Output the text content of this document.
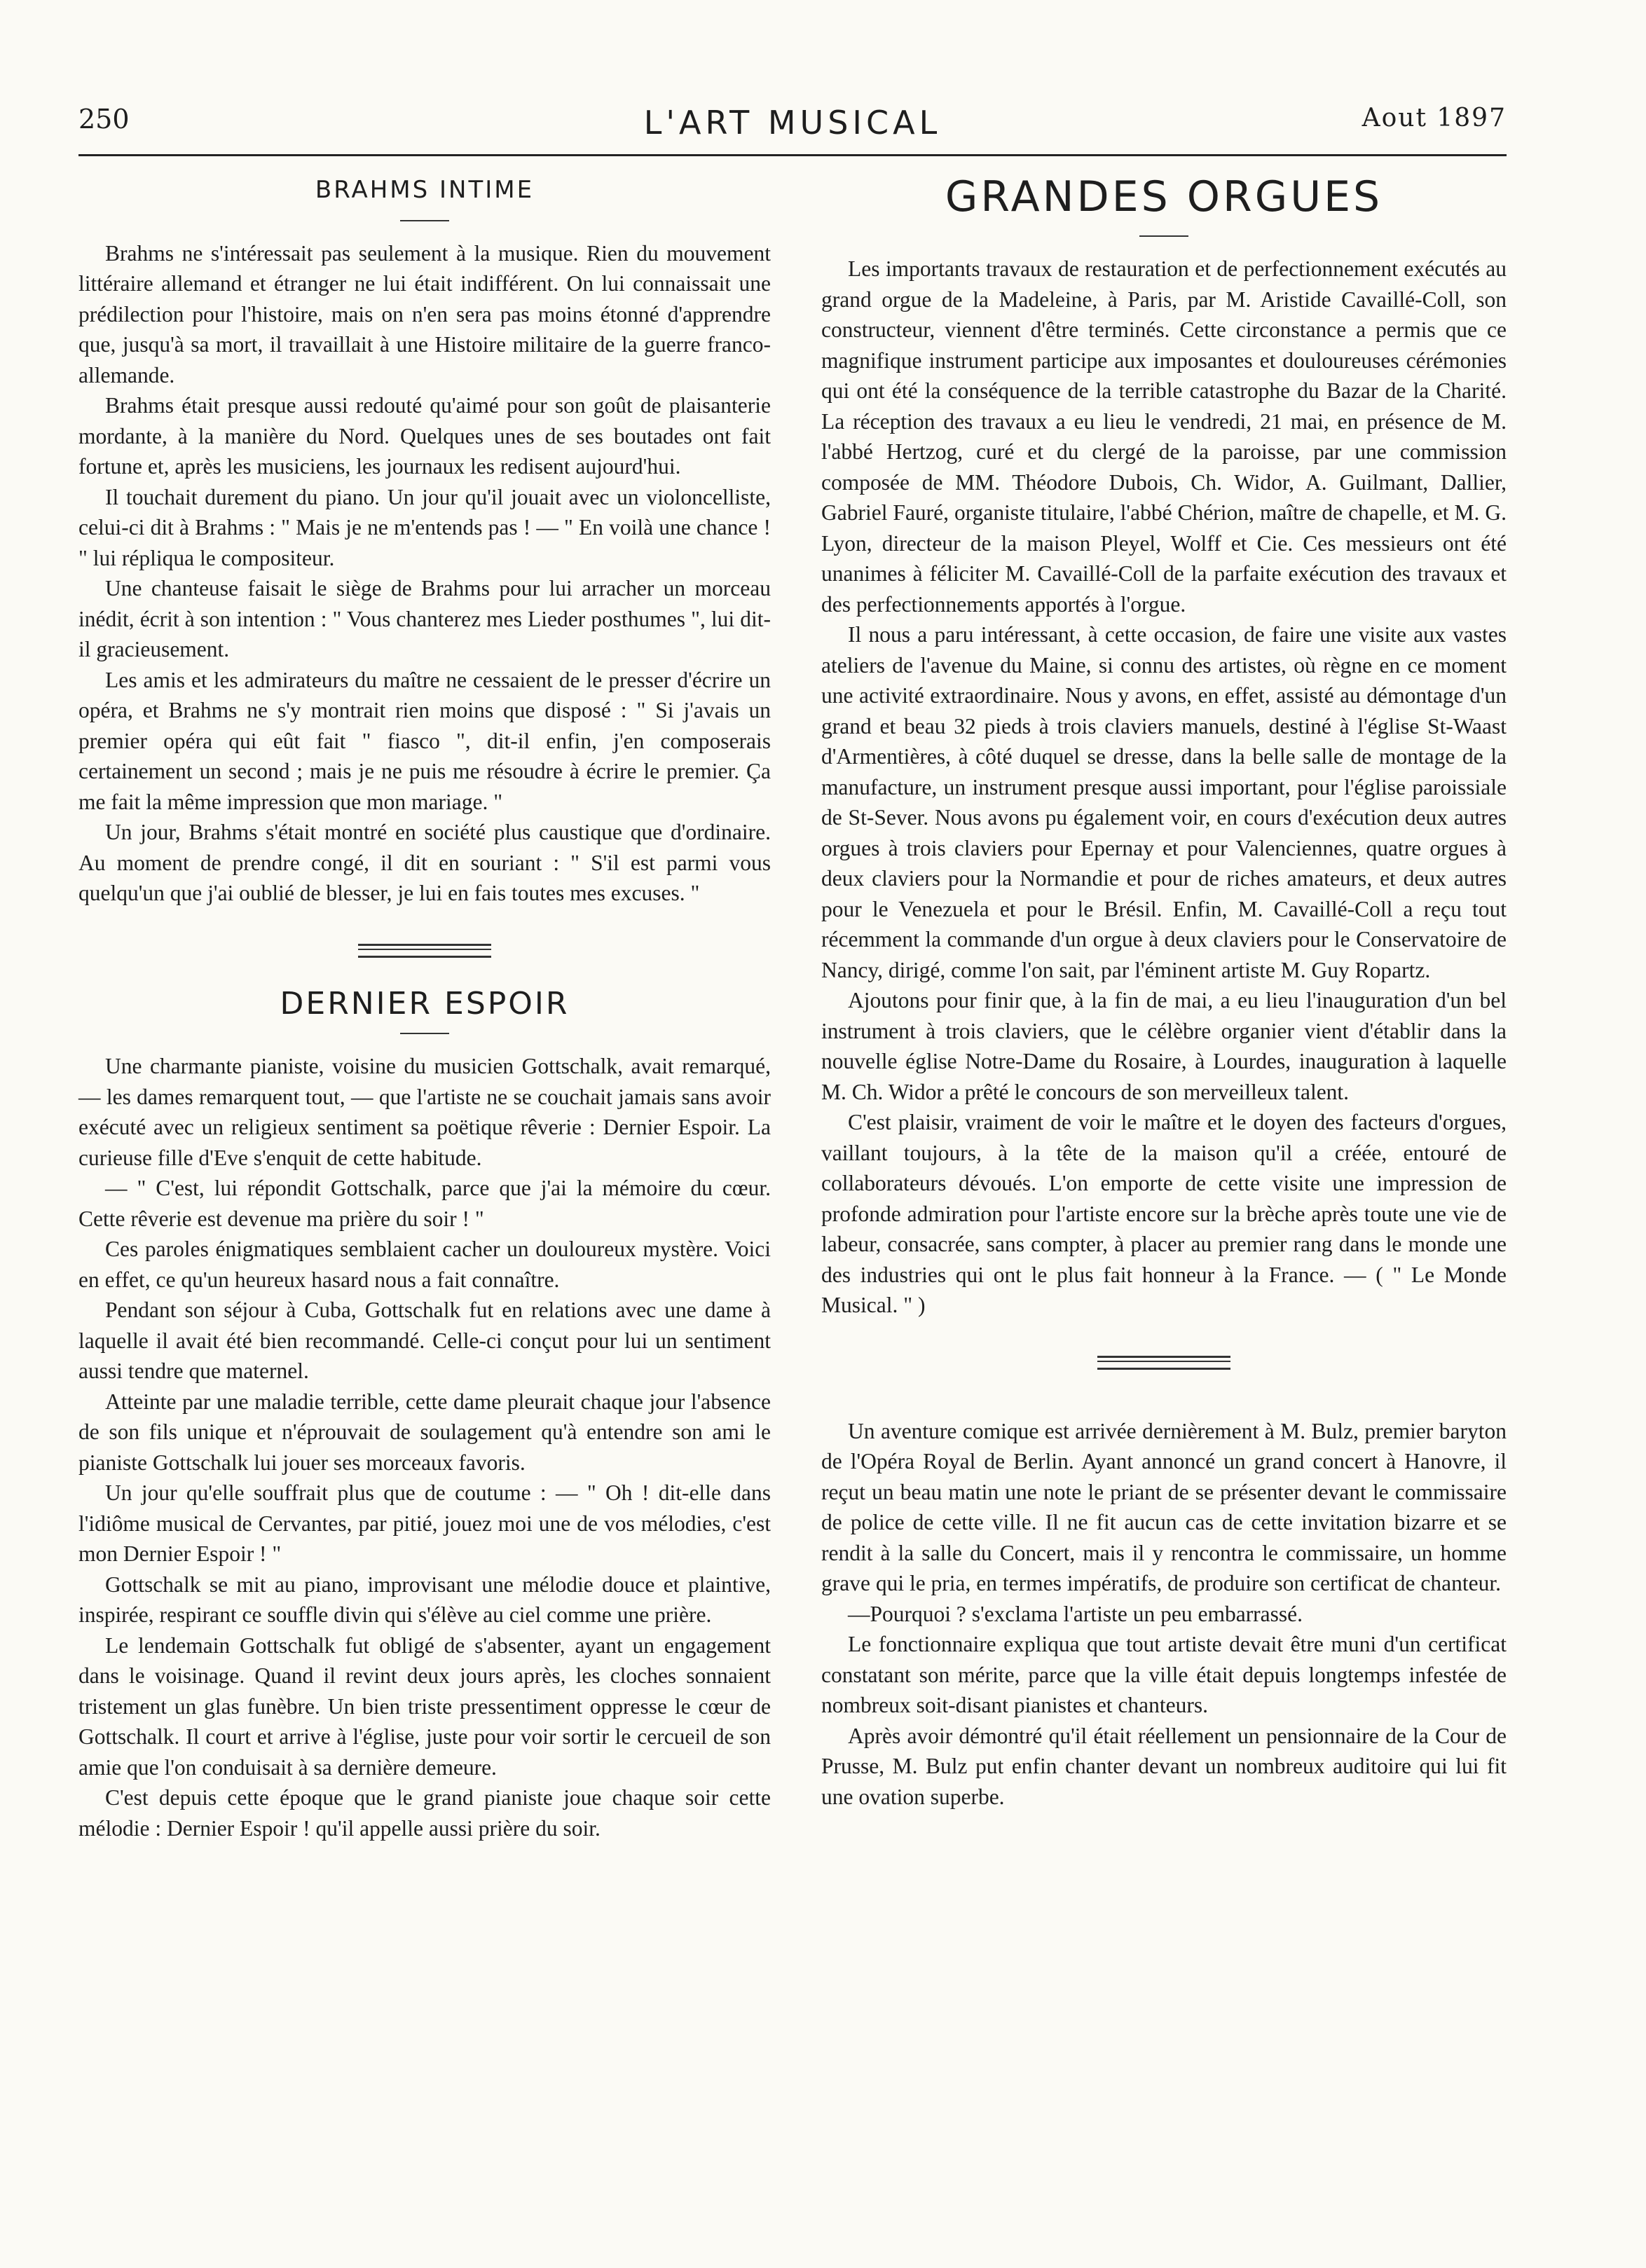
250	L'ART MUSICAL	Aout 1897
BRAHMS INTIME

Brahms ne s'intéressait pas seulement à la musique. Rien du mouvement littéraire allemand et étranger ne lui était indifférent. On lui connaissait une prédilection pour l'histoire, mais on n'en sera pas moins étonné d'apprendre que, jusqu'à sa mort, il travaillait à une Histoire militaire de la guerre franco-allemande.

Brahms était presque aussi redouté qu'aimé pour son goût de plaisanterie mordante, à la manière du Nord. Quelques unes de ses boutades ont fait fortune et, après les musiciens, les journaux les redisent aujourd'hui.

Il touchait durement du piano. Un jour qu'il jouait avec un violoncelliste, celui-ci dit à Brahms : " Mais je ne m'entends pas ! — " En voilà une chance ! " lui répliqua le compositeur.

Une chanteuse faisait le siège de Brahms pour lui arracher un morceau inédit, écrit à son intention : " Vous chanterez mes Lieder posthumes ", lui dit-il gracieusement.

Les amis et les admirateurs du maître ne cessaient de le presser d'écrire un opéra, et Brahms ne s'y montrait rien moins que disposé : " Si j'avais un premier opéra qui eût fait " fiasco ", dit-il enfin, j'en composerais certainement un second ; mais je ne puis me résoudre à écrire le premier. Ça me fait la même impression que mon mariage. "

Un jour, Brahms s'était montré en société plus caustique que d'ordinaire. Au moment de prendre congé, il dit en souriant : " S'il est parmi vous quelqu'un que j'ai oublié de blesser, je lui en fais toutes mes excuses. "

DERNIER ESPOIR

Une charmante pianiste, voisine du musicien Gottschalk, avait remarqué, — les dames remarquent tout, — que l'artiste ne se couchait jamais sans avoir exécuté avec un religieux sentiment sa poëtique rêverie : Dernier Espoir. La curieuse fille d'Eve s'enquit de cette habitude.

— " C'est, lui répondit Gottschalk, parce que j'ai la mémoire du cœur. Cette rêverie est devenue ma prière du soir ! "

Ces paroles énigmatiques semblaient cacher un douloureux mystère. Voici en effet, ce qu'un heureux hasard nous a fait connaître.

Pendant son séjour à Cuba, Gottschalk fut en relations avec une dame à laquelle il avait été bien recommandé. Celle-ci conçut pour lui un sentiment aussi tendre que maternel.

Atteinte par une maladie terrible, cette dame pleurait chaque jour l'absence de son fils unique et n'éprouvait de soulagement qu'à entendre son ami le pianiste Gottschalk lui jouer ses morceaux favoris.

Un jour qu'elle souffrait plus que de coutume : — " Oh ! dit-elle dans l'idiôme musical de Cervantes, par pitié, jouez moi une de vos mélodies, c'est mon Dernier Espoir ! "

Gottschalk se mit au piano, improvisant une mélodie douce et plaintive, inspirée, respirant ce souffle divin qui s'élève au ciel comme une prière.

Le lendemain Gottschalk fut obligé de s'absenter, ayant un engagement dans le voisinage. Quand il revint deux jours après, les cloches sonnaient tristement un glas funèbre. Un bien triste pressentiment oppresse le cœur de Gottschalk. Il court et arrive à l'église, juste pour voir sortir le cercueil de son amie que l'on conduisait à sa dernière demeure.

C'est depuis cette époque que le grand pianiste joue chaque soir cette mélodie : Dernier Espoir ! qu'il appelle aussi prière du soir.

GRANDES ORGUES

Les importants travaux de restauration et de perfectionnement exécutés au grand orgue de la Madeleine, à Paris, par M. Aristide Cavaillé-Coll, son constructeur, viennent d'être terminés. Cette circonstance a permis que ce magnifique instrument participe aux imposantes et douloureuses cérémonies qui ont été la conséquence de la terrible catastrophe du Bazar de la Charité. La réception des travaux a eu lieu le vendredi, 21 mai, en présence de M. l'abbé Hertzog, curé et du clergé de la paroisse, par une commission composée de MM. Théodore Dubois, Ch. Widor, A. Guilmant, Dallier, Gabriel Fauré, organiste titulaire, l'abbé Chérion, maître de chapelle, et M. G. Lyon, directeur de la maison Pleyel, Wolff et Cie. Ces messieurs ont été unanimes à féliciter M. Cavaillé-Coll de la parfaite exécution des travaux et des perfectionnements apportés à l'orgue.

Il nous a paru intéressant, à cette occasion, de faire une visite aux vastes ateliers de l'avenue du Maine, si connu des artistes, où règne en ce moment une activité extraordinaire. Nous y avons, en effet, assisté au démontage d'un grand et beau 32 pieds à trois claviers manuels, destiné à l'église St-Waast d'Armentières, à côté duquel se dresse, dans la belle salle de montage de la manufacture, un instrument presque aussi important, pour l'église paroissiale de St-Sever. Nous avons pu également voir, en cours d'exécution deux autres orgues à trois claviers pour Epernay et pour Valenciennes, quatre orgues à deux claviers pour la Normandie et pour de riches amateurs, et deux autres pour le Venezuela et pour le Brésil. Enfin, M. Cavaillé-Coll a reçu tout récemment la commande d'un orgue à deux claviers pour le Conservatoire de Nancy, dirigé, comme l'on sait, par l'éminent artiste M. Guy Ropartz.

Ajoutons pour finir que, à la fin de mai, a eu lieu l'inauguration d'un bel instrument à trois claviers, que le célèbre organier vient d'établir dans la nouvelle église Notre-Dame du Rosaire, à Lourdes, inauguration à laquelle M. Ch. Widor a prêté le concours de son merveilleux talent.

C'est plaisir, vraiment de voir le maître et le doyen des facteurs d'orgues, vaillant toujours, à la tête de la maison qu'il a créée, entouré de collaborateurs dévoués. L'on emporte de cette visite une impression de profonde admiration pour l'artiste encore sur la brèche après toute une vie de labeur, consacrée, sans compter, à placer au premier rang dans le monde une des industries qui ont le plus fait honneur à la France. — ( " Le Monde Musical. " )

Un aventure comique est arrivée dernièrement à M. Bulz, premier baryton de l'Opéra Royal de Berlin. Ayant annoncé un grand concert à Hanovre, il reçut un beau matin une note le priant de se présenter devant le commissaire de police de cette ville. Il ne fit aucun cas de cette invitation bizarre et se rendit à la salle du Concert, mais il y rencontra le commissaire, un homme grave qui le pria, en termes impératifs, de produire son certificat de chanteur.

—Pourquoi ? s'exclama l'artiste un peu embarrassé.

Le fonctionnaire expliqua que tout artiste devait être muni d'un certificat constatant son mérite, parce que la ville était depuis longtemps infestée de nombreux soit-disant pianistes et chanteurs.

Après avoir démontré qu'il était réellement un pensionnaire de la Cour de Prusse, M. Bulz put enfin chanter devant un nombreux auditoire qui lui fit une ovation superbe.
